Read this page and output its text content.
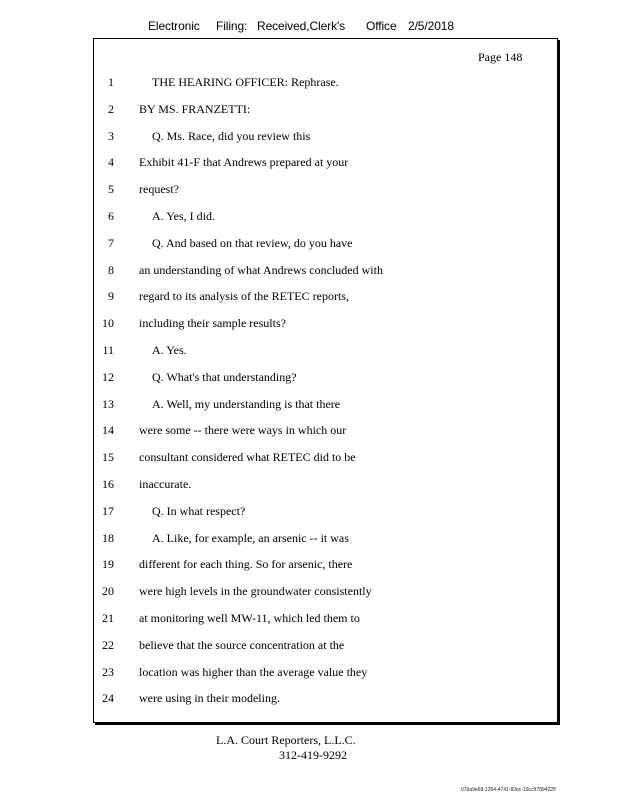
Electronic Filing: Received,Clerk's Office 2/5/2018
Page 148
1	THE HEARING OFFICER: Rephrase.
2 BY MS. FRANZETTI:
3	Q. Ms. Race, did you review this
4 Exhibit 41-F that Andrews prepared at your
5 request?
6	A. Yes, I did.
7	Q. And based on that review, do you have
8 an understanding of what Andrews concluded with
9 regard to its analysis of the RETEC reports,
10 including their sample results?
11	A. Yes.
12	Q. What's that understanding?
13	A. Well, my understanding is that there
14 were some -- there were ways in which our
15 consultant considered what RETEC did to be
16 inaccurate.
17	Q. In what respect?
18	A. Like, for example, an arsenic -- it was
19 different for each thing. So for arsenic, there
20 were high levels in the groundwater consistently
21 at monitoring well MW-11, which led them to
22 believe that the source concentration at the
23 location was higher than the average value they
24 were using in their modeling.
L.A. Court Reporters, L.L.C.
312-419-9292
07da9e68-1354-4741-82ec-19cc97894228
